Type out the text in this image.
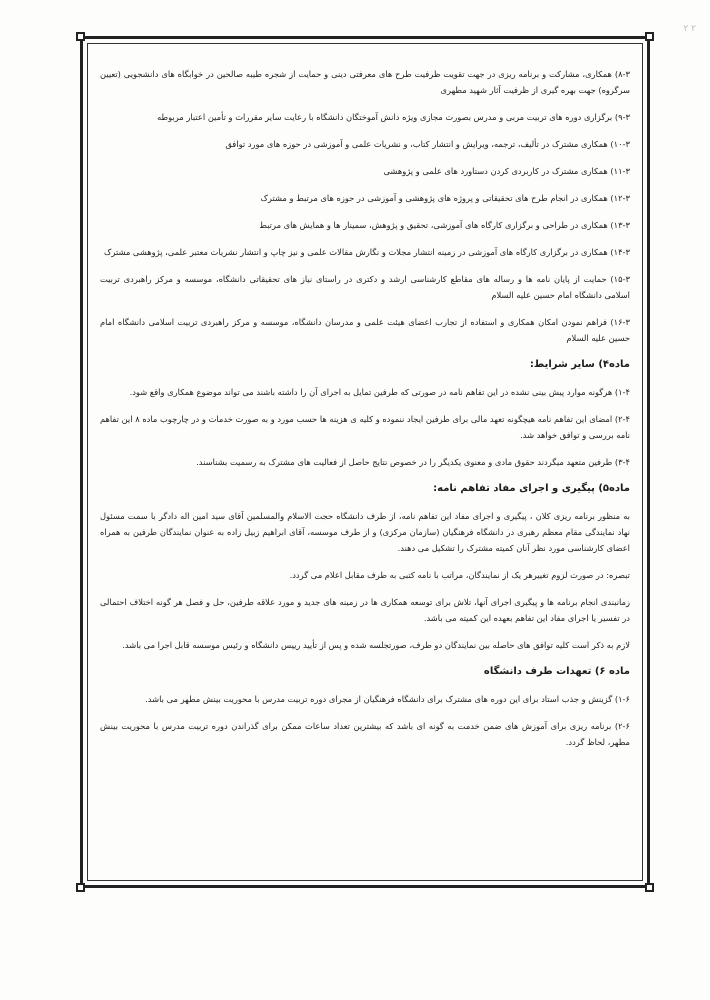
۲ ۲

۸-۳) همکاری، مشارکت و برنامه ریزی در جهت تقویت ظرفیت طرح های معرفتی دینی و حمایت از شجره طیبه صالحین در خوابگاه های دانشجویی (تعیین سرگروه) جهت بهره گیری از ظرفیت آثار شهید مطهری

۹-۳) برگزاری دوره های تربیت مربی و مدرس بصورت مجازی ویژه دانش آموختگان دانشگاه با رعایت سایر مقررات و تأمین اعتبار مربوطه

۱۰-۳) همکاری مشترک در تألیف، ترجمه، ویرایش و انتشار کتاب، و نشریات علمی و آموزشی در حوزه های مورد توافق

۱۱-۳) همکاری مشترک در کاربردی کردن دستاورد های علمی و پژوهشی

۱۲-۳) همکاری در انجام طرح های تحقیقاتی و پروژه های پژوهشی و آموزشی در حوزه های مرتبط و مشترک

۱۳-۳) همکاری در طراحی و برگزاری کارگاه های آموزشی، تحقیق و پژوهش، سمینار ها و همایش های مرتبط

۱۴-۳) همکاری در برگزاری کارگاه های آموزشی در زمینه انتشار مجلات و نگارش مقالات علمی و نیز چاپ و انتشار نشریات معتبر علمی، پژوهشی مشترک

۱۵-۳) حمایت از پایان نامه ها و رساله های مقاطع کارشناسی ارشد و دکتری در راستای نیاز های تحقیقاتی دانشگاه، موسسه و مرکز راهبردی تربیت اسلامی دانشگاه امام حسین علیه السلام

۱۶-۳) فراهم نمودن امکان همکاری و استفاده از تجارب اعضای هیئت علمی و مدرسان دانشگاه، موسسه و مرکز راهبردی تربیت اسلامی دانشگاه امام حسین علیه السلام

ماده۴) سایر شرایط:

۱-۴) هرگونه موارد پیش بینی نشده در این تفاهم نامه در صورتی که طرفین تمایل به اجرای آن را داشته باشند می تواند موضوع همکاری واقع شود.

۲-۴) امضای این تفاهم نامه هیچگونه تعهد مالی برای طرفین ایجاد ننموده و کلیه ی هزینه ها حسب مورد و به صورت خدمات و در چارچوب ماده ۸ این تفاهم نامه بررسی و توافق خواهد شد.

۳-۴) طرفین متعهد میگردند حقوق مادی و معنوی یکدیگر را در خصوص نتایج حاصل از فعالیت های مشترک به رسمیت بشناسند.

ماده۵) پیگیری و اجرای مفاد تفاهم نامه:

به منظور برنامه ریزی کلان ، پیگیری و اجرای مفاد این تفاهم نامه، از طرف دانشگاه حجت الاسلام والمسلمین آقای سید امین اله دادگر با سمت مسئول نهاد نمایندگی مقام معظم رهبری در دانشگاه فرهنگیان (سازمان مرکزی) و از طرف موسسه، آقای ابراهیم زبیل زاده به عنوان نمایندگان طرفین به همراه اعضای کارشناسی مورد نظر آنان کمیته مشترک را تشکیل می دهند.

تبصره: در صورت لزوم تغییرهر یک از نمایندگان، مراتب با نامه کتبی به طرف مقابل اعلام می گردد.

زمانبندی انجام برنامه ها و پیگیری اجرای آنها، تلاش برای توسعه همکاری ها در زمینه های جدید و مورد علاقه طرفین، حل و فصل هر گونه اختلاف احتمالی در تفسیر یا اجرای مفاد این تفاهم بعهده این کمیته می باشد.

لازم به ذکر است کلیه توافق های حاصله بین نمایندگان دو طرف، صورتجلسه شده و پس از تأیید رییس دانشگاه و رئیس موسسه قابل اجرا می باشد.

ماده ۶) تعهدات طرف دانشگاه

۱-۶) گزینش و جذب استاد برای این دوره های مشترک برای دانشگاه فرهنگیان از مجرای دوره تربیت مدرس با محوریت بینش مطهر می باشد.

۲-۶) برنامه ریزی برای آموزش های ضمن خدمت به گونه ای باشد که بیشترین تعداد ساعات ممکن برای گذراندن دوره تربیت مدرس با محوریت بینش مطهر، لحاظ گردد.
